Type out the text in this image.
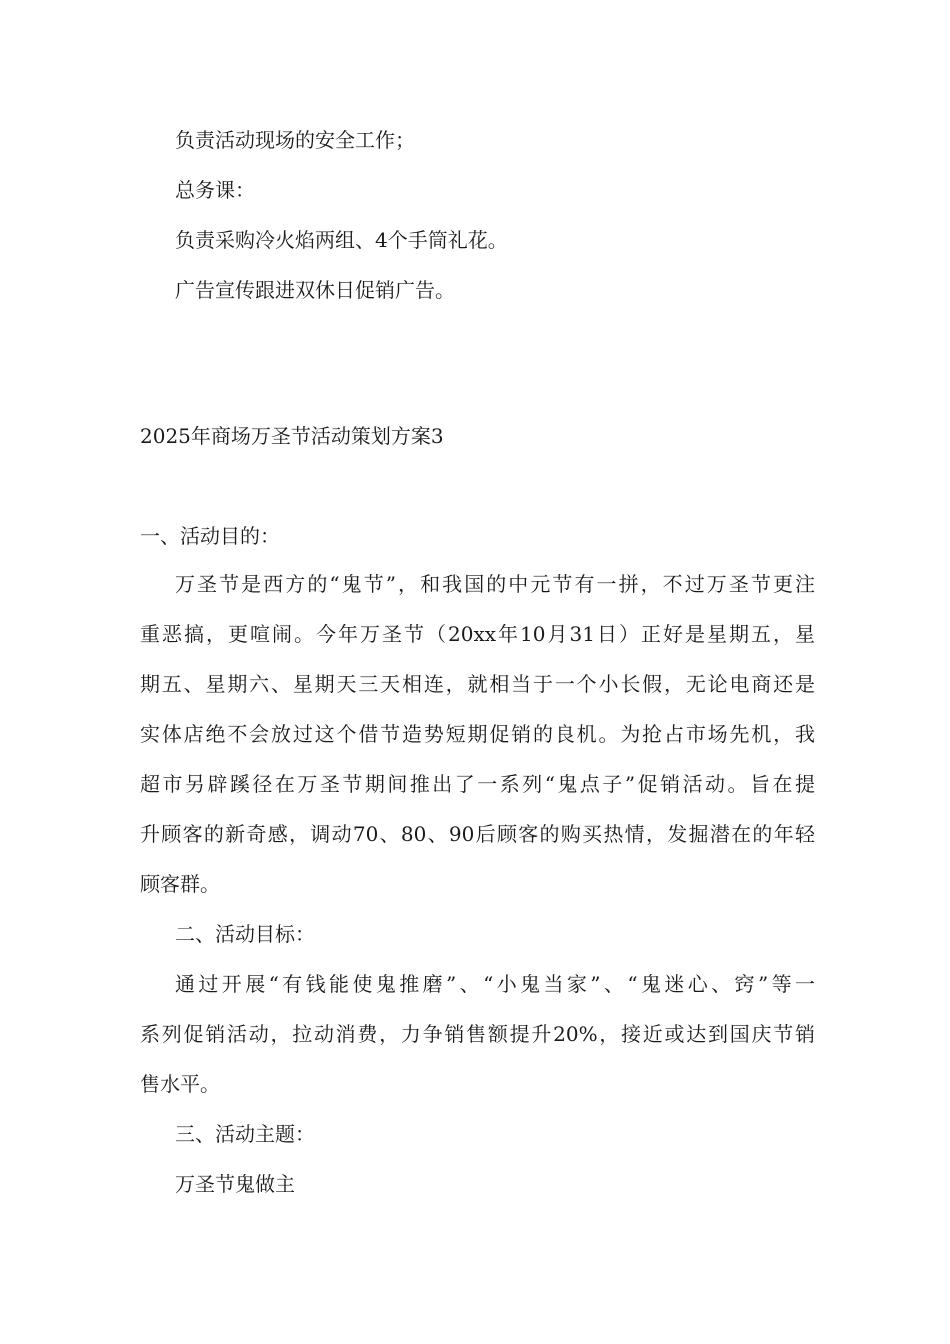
负责活动现场的安全工作；

总务课：

负责采购冷火焰两组、4个手筒礼花。

广告宣传跟进双休日促销广告。

2025年商场万圣节活动策划方案3

一、活动目的：

万圣节是西方的“鬼节”，和我国的中元节有一拼，不过万圣节更注

重恶搞，更喧闹。今年万圣节（20xx年10月31日）正好是星期五，星

期五、星期六、星期天三天相连，就相当于一个小长假，无论电商还是

实体店绝不会放过这个借节造势短期促销的良机。为抢占市场先机，我

超市另辟蹊径在万圣节期间推出了一系列“鬼点子”促销活动。旨在提

升顾客的新奇感，调动70、80、90后顾客的购买热情，发掘潜在的年轻

顾客群。

二、活动目标：

通过开展“有钱能使鬼推磨”、“小鬼当家”、“鬼迷心、窍”等一

系列促销活动，拉动消费，力争销售额提升20%，接近或达到国庆节销

售水平。

三、活动主题：

万圣节鬼做主
